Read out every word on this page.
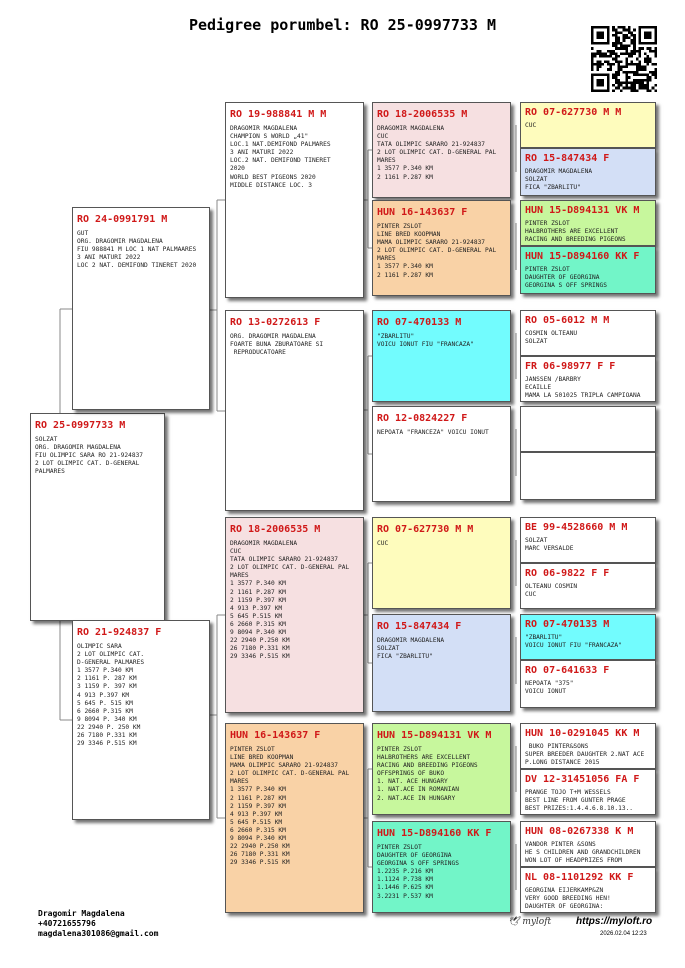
Pedigree porumbel: RO 25-0997733 M
RO 25-0997733 M
SOLZAT
ORG. DRAGOMIR MAGDALENA
FIU OLIMPIC SARA RO 21-924837
2 LOT OLIMPIC CAT. D-GENERAL
PALMARES
RO 24-0991791 M
GUT
ORG. DRAGOMIR MAGDALENA
FIU 988841 M LOC 1 NAT PALMAARES
3 ANI MATURI 2022
LOC 2 NAT. DEMIFOND TINERET 2020
RO 21-924837 F
OLIMPIC SARA
2 LOT OLIMPIC CAT.
D-GENERAL PALMARES
1 3577 P.340 KM
2 1161 P. 287 KM
3 1159 P. 397 KM
4 913 P.397 KM
5 645 P. 515 KM
6 2660 P.315 KM
9 8094 P. 340 KM
22 2940 P. 250 KM
26 7180 P.331 KM
29 3346 P.515 KM
RO 19-988841 M M
DRAGOMIR MAGDALENA
CHAMPION S WORLD „41"
LOC.1 NAT.DEMIFOND PALMARES
3 ANI MATURI 2022
LOC.2 NAT. DEMIFOND TINERET
2020
WORLD BEST PIGEONS 2020
MIDDLE DISTANCE LOC. 3
RO 13-0272613 F
ORG. DRAGOMIR MAGDALENA
FOARTE BUNA ZBURATOARE SI
REPRODUCATOARE
RO 18-2006535 M
DRAGOMIR MAGDALENA
CUC
TATA OLIMPIC SARARO 21-924837
2 LOT OLIMPIC CAT. D-GENERAL PAL
MARES
1 3577 P.340 KM
2 1161 P.287 KM
2 1159 P.397 KM
4 913 P.397 KM
5 645 P.515 KM
6 2660 P.315 KM
9 8094 P.340 KM
22 2940 P.250 KM
26 7180 P.331 KM
29 3346 P.515 KM
HUN 16-143637 F
PINTER ZSLOT
LINE BRED KOOPMAN
MAMA OLIMPIC SARARO 21-924837
2 LOT OLIMPIC CAT. D-GENERAL PAL
MARES
1 3577 P.340 KM
2 1161 P.287 KM
2 1159 P.397 KM
4 913 P.397 KM
5 645 P.515 KM
6 2660 P.315 KM
9 8094 P.340 KM
22 2940 P.250 KM
26 7180 P.331 KM
29 3346 P.515 KM
RO 18-2006535 M
DRAGOMIR MAGDALENA
CUC
TATA OLIMPIC SARARO 21-924837
2 LOT OLIMPIC CAT. D-GENERAL PAL
MARES
1 3577 P.340 KM
2 1161 P.287 KM
HUN 16-143637 F
PINTER ZSLOT
LINE BRED KOOPMAN
MAMA OLIMPIC SARARO 21-924837
2 LOT OLIMPIC CAT. D-GENERAL PAL
MARES
1 3577 P.340 KM
2 1161 P.287 KM
RO 07-470133 M
"ZBARLITU"
VOICU IONUT FIU "FRANCAZA"
RO 12-0824227 F
NEPOATA "FRANCEZA" VOICU IONUT
RO 07-627730 M M
CUC
RO 15-847434 F
DRAGOMIR MAGDALENA
SOLZAT
FICA "ZBARLITU"
HUN 15-D894131 VK M
PINTER ZSLOT
HALBROTHERS ARE EXCELLENT
RACING AND BREEDING PIGEONS
OFFSPRINGS OF BUKO
1. NAT. ACE HUNGARY
1. NAT.ACE IN ROMANIAN
2. NAT.ACE IN HUNGARY
HUN 15-D894160 KK F
PINTER ZSLOT
DAUGHTER OF GEORGINA
GEORGINA S OFF SPRINGS
1.2235 P.216 KM
1.1124 P.738 KM
1.1446 P.625 KM
3.2231 P.537 KM
RO 07-627730 M M
CUC
RO 15-847434 F
DRAGOMIR MAGDALENA
SOLZAT
FICA "ZBARLITU"
HUN 15-D894131 VK M
PINTER ZSLOT
HALBROTHERS ARE EXCELLENT
RACING AND BREEDING PIGEONS
HUN 15-D894160 KK F
PINTER ZSLOT
DAUGHTER OF GEORGINA
GEORGINA S OFF SPRINGS
RO 05-6012 M M
COSMIN OLTEANU
SOLZAT
FR 06-98977 F F
JANSSEN /BARBRY
ECAILLE
MAMA LA 501025 TRIPLA CAMPIOANA
BE 99-4528660 M M
SOLZAT
MARC VERSALDE
RO 06-9822 F F
OLTEANU COSMIN
CUC
RO 07-470133 M
"ZBARLITU"
VOICU IONUT FIU "FRANCAZA"
RO 07-641633 F
NEPOATA "375"
VOICU IONUT
HUN 10-0291045 KK M
BUKO PINTER&SONS
SUPER BREEDER DAUGHTER 2.NAT ACE
P.LONG DISTANCE 2015
DV 12-31451056 FA F
PRANGE TOJO T+M WESSELS
BEST LINE FROM GUNTER PRAGE
BEST PRIZES:1.4.4.6.8.10.13..
HUN 08-0267338 K M
VANDOR PINTER &SONS
HE S CHILDREN AND GRANDCHILDREN
WON LOT OF HEADPRIZES FROM
NL 08-1101292 KK F
GEORGINA EIJERKAMP&ZN
VERY GOOD BREEDING HEN!
DAUGHTER OF GEORGINA:
Dragomir Magdalena
+40721655796
magdalena301086@gmail.com
🕊 myloft https://myloft.ro
2026.02.04 12:23
